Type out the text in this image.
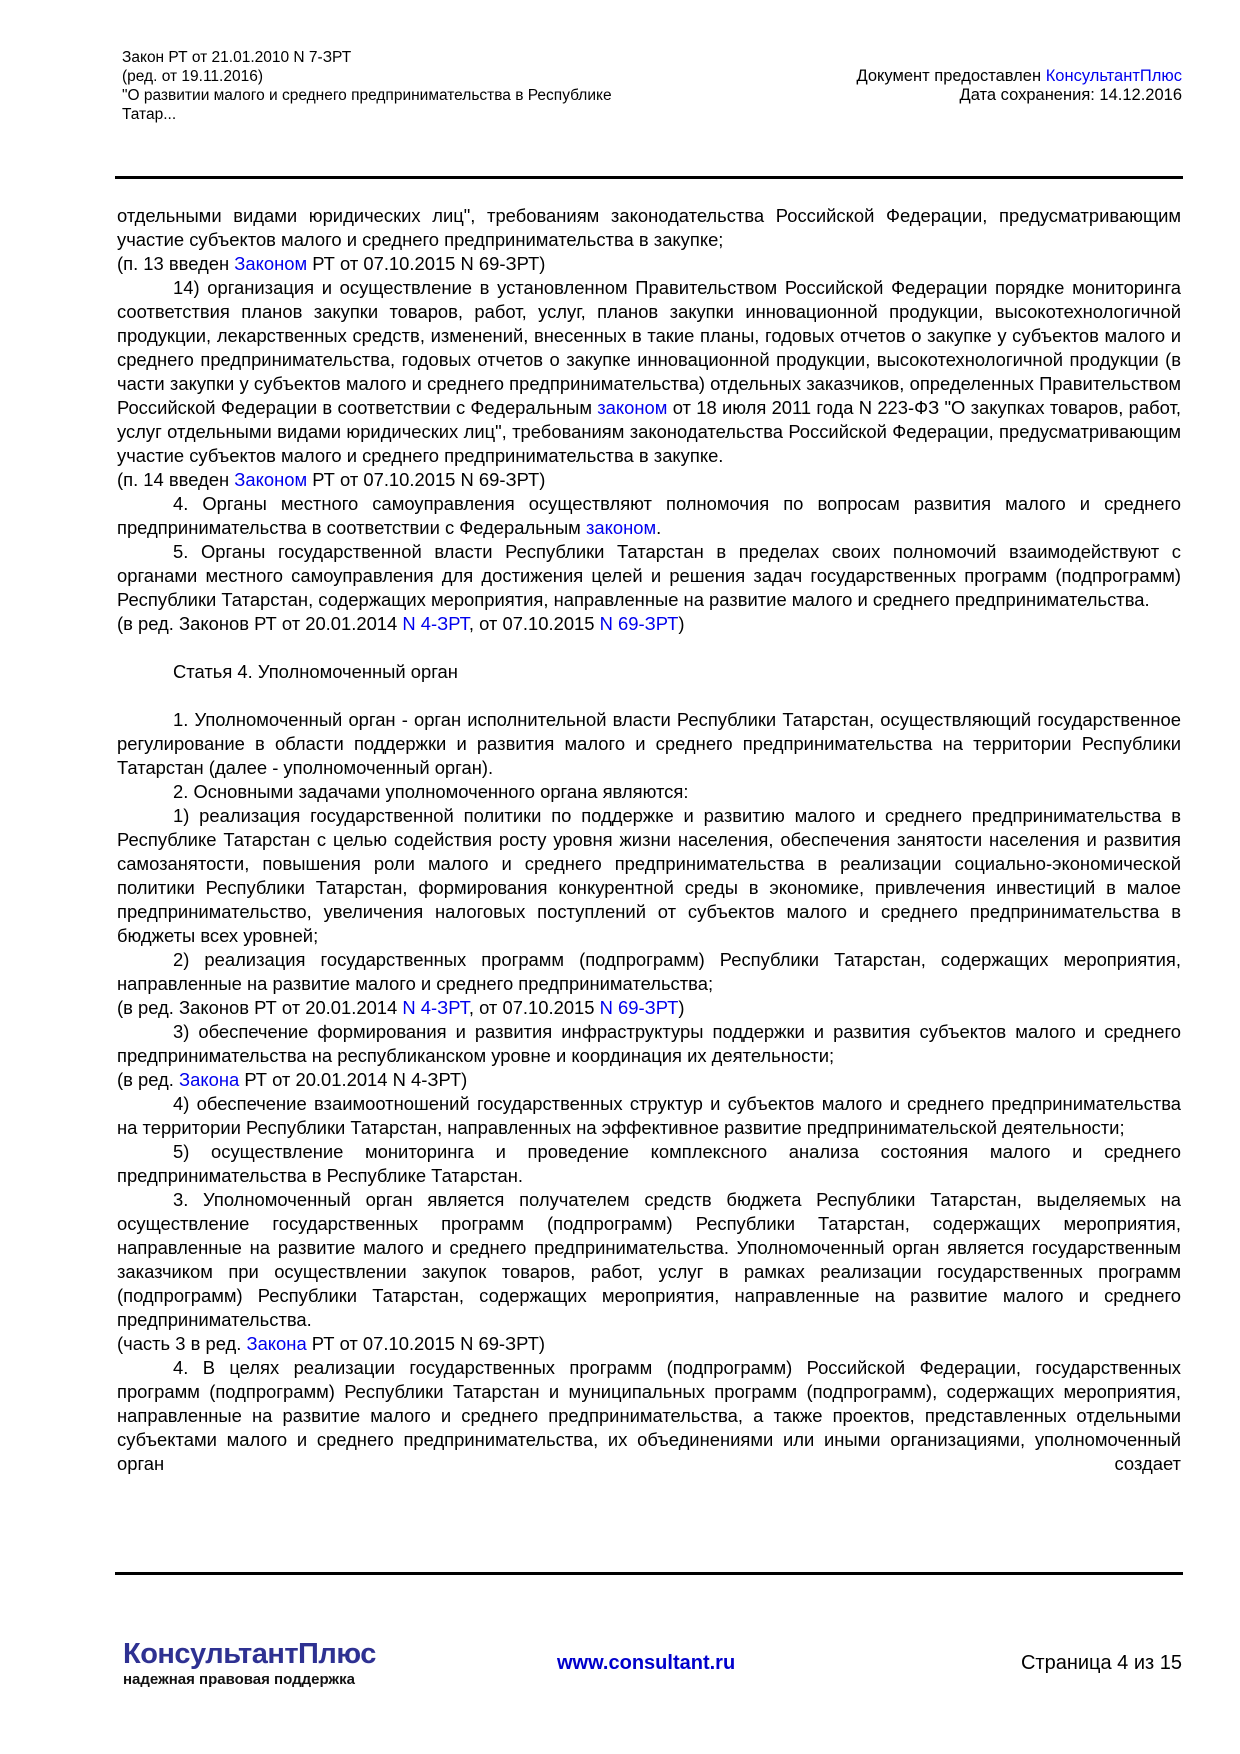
Закон РТ от 21.01.2010 N 7-ЗРТ
(ред. от 19.11.2016)
"О развитии малого и среднего предпринимательства в Республике
Татар...
Документ предоставлен КонсультантПлюс
Дата сохранения: 14.12.2016

отдельными видами юридических лиц", требованиям законодательства Российской Федерации, предусматривающим участие субъектов малого и среднего предпринимательства в закупке;

(п. 13 введен Законом РТ от 07.10.2015 N 69-ЗРТ)

14) организация и осуществление в установленном Правительством Российской Федерации порядке мониторинга соответствия планов закупки товаров, работ, услуг, планов закупки инновационной продукции, высокотехнологичной продукции, лекарственных средств, изменений, внесенных в такие планы, годовых отчетов о закупке у субъектов малого и среднего предпринимательства, годовых отчетов о закупке инновационной продукции, высокотехнологичной продукции (в части закупки у субъектов малого и среднего предпринимательства) отдельных заказчиков, определенных Правительством Российской Федерации в соответствии с Федеральным законом от 18 июля 2011 года N 223-ФЗ "О закупках товаров, работ, услуг отдельными видами юридических лиц", требованиям законодательства Российской Федерации, предусматривающим участие субъектов малого и среднего предпринимательства в закупке.

(п. 14 введен Законом РТ от 07.10.2015 N 69-ЗРТ)

4. Органы местного самоуправления осуществляют полномочия по вопросам развития малого и среднего предпринимательства в соответствии с Федеральным законом.

5. Органы государственной власти Республики Татарстан в пределах своих полномочий взаимодействуют с органами местного самоуправления для достижения целей и решения задач государственных программ (подпрограмм) Республики Татарстан, содержащих мероприятия, направленные на развитие малого и среднего предпринимательства.

(в ред. Законов РТ от 20.01.2014 N 4-ЗРТ, от 07.10.2015 N 69-ЗРТ)

Статья 4. Уполномоченный орган

1. Уполномоченный орган - орган исполнительной власти Республики Татарстан, осуществляющий государственное регулирование в области поддержки и развития малого и среднего предпринимательства на территории Республики Татарстан (далее - уполномоченный орган).

2. Основными задачами уполномоченного органа являются:

1) реализация государственной политики по поддержке и развитию малого и среднего предпринимательства в Республике Татарстан с целью содействия росту уровня жизни населения, обеспечения занятости населения и развития самозанятости, повышения роли малого и среднего предпринимательства в реализации социально-экономической политики Республики Татарстан, формирования конкурентной среды в экономике, привлечения инвестиций в малое предпринимательство, увеличения налоговых поступлений от субъектов малого и среднего предпринимательства в бюджеты всех уровней;

2) реализация государственных программ (подпрограмм) Республики Татарстан, содержащих мероприятия, направленные на развитие малого и среднего предпринимательства;

(в ред. Законов РТ от 20.01.2014 N 4-ЗРТ, от 07.10.2015 N 69-ЗРТ)

3) обеспечение формирования и развития инфраструктуры поддержки и развития субъектов малого и среднего предпринимательства на республиканском уровне и координация их деятельности;

(в ред. Закона РТ от 20.01.2014 N 4-ЗРТ)

4) обеспечение взаимоотношений государственных структур и субъектов малого и среднего предпринимательства на территории Республики Татарстан, направленных на эффективное развитие предпринимательской деятельности;

5) осуществление мониторинга и проведение комплексного анализа состояния малого и среднего предпринимательства в Республике Татарстан.

3. Уполномоченный орган является получателем средств бюджета Республики Татарстан, выделяемых на осуществление государственных программ (подпрограмм) Республики Татарстан, содержащих мероприятия, направленные на развитие малого и среднего предпринимательства. Уполномоченный орган является государственным заказчиком при осуществлении закупок товаров, работ, услуг в рамках реализации государственных программ (подпрограмм) Республики Татарстан, содержащих мероприятия, направленные на развитие малого и среднего предпринимательства.

(часть 3 в ред. Закона РТ от 07.10.2015 N 69-ЗРТ)

4. В целях реализации государственных программ (подпрограмм) Российской Федерации, государственных программ (подпрограмм) Республики Татарстан и муниципальных программ (подпрограмм), содержащих мероприятия, направленные на развитие малого и среднего предпринимательства, а также проектов, представленных отдельными субъектами малого и среднего предпринимательства, их объединениями или иными организациями, уполномоченный орган создает

КонсультантПлюс
надежная правовая поддержка
www.consultant.ru	Страница 4 из 15
